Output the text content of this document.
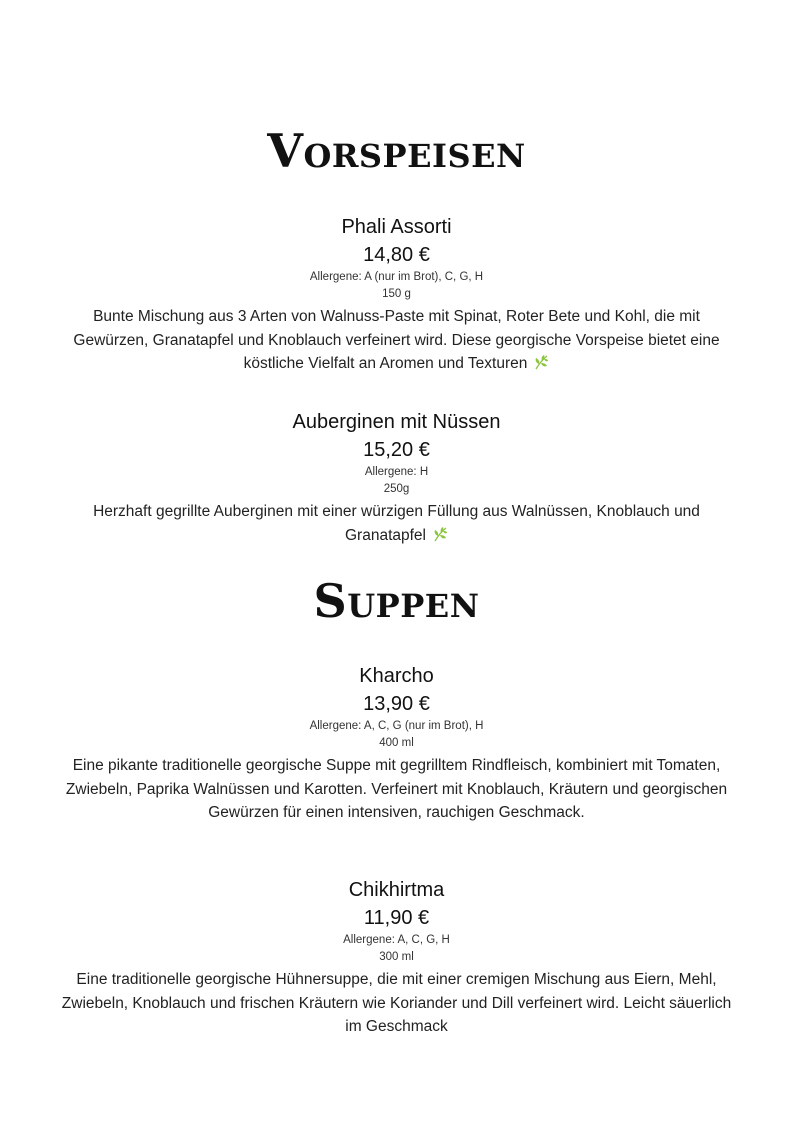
Vorspeisen
Phali Assorti
14,80 €
Allergene: A (nur im Brot), C, G, H
150 g
Bunte Mischung aus 3 Arten von Walnuss-Paste mit Spinat, Roter Bete und Kohl, die mit Gewürzen, Granatapfel und Knoblauch verfeinert wird. Diese georgische Vorspeise bietet eine köstliche Vielfalt an Aromen und Texturen
Auberginen mit Nüssen
15,20 €
Allergene: H
250g
Herzhaft gegrillte Auberginen mit einer würzigen Füllung aus Walnüssen, Knoblauch und Granatapfel
Suppen
Kharcho
13,90 €
Allergene: A, C, G (nur im Brot), H
400 ml
Eine pikante traditionelle georgische Suppe mit gegrilltem Rindfleisch, kombiniert mit Tomaten, Zwiebeln, Paprika Walnüssen und Karotten. Verfeinert mit Knoblauch, Kräutern und georgischen Gewürzen für einen intensiven, rauchigen Geschmack.
Chikhirtma
11,90 €
Allergene: A, C, G, H
300 ml
Eine traditionelle georgische Hühnersuppe, die mit einer cremigen Mischung aus Eiern, Mehl, Zwiebeln, Knoblauch und frischen Kräutern wie Koriander und Dill verfeinert wird. Leicht säuerlich im Geschmack
